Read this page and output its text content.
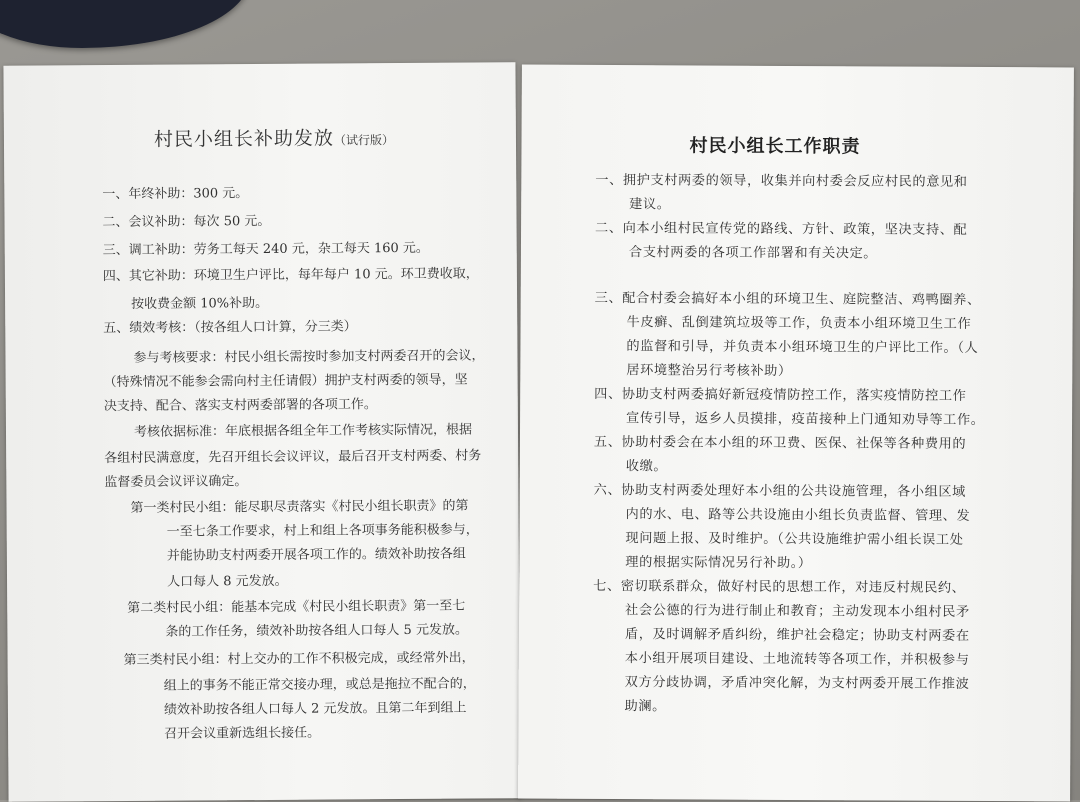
村民小组长补助发放（试行版）
一、年终补助：300 元。
二、会议补助：每次 50 元。
三、调工补助：劳务工每天 240 元，杂工每天 160 元。
四、其它补助：环境卫生户评比，每年每户 10 元。环卫费收取，
按收费金额 10%补助。
五、绩效考核：（按各组人口计算，分三类）
参与考核要求：村民小组长需按时参加支村两委召开的会议，
（特殊情况不能参会需向村主任请假）拥护支村两委的领导，坚
决支持、配合、落实支村两委部署的各项工作。
考核依据标准：年底根据各组全年工作考核实际情况，根据
各组村民满意度，先召开组长会议评议，最后召开支村两委、村务
监督委员会议评议确定。
第一类村民小组：能尽职尽责落实《村民小组长职责》的第
一至七条工作要求，村上和组上各项事务能积极参与，
并能协助支村两委开展各项工作的。绩效补助按各组
人口每人 8 元发放。
第二类村民小组：能基本完成《村民小组长职责》第一至七
条的工作任务，绩效补助按各组人口每人 5 元发放。
第三类村民小组：村上交办的工作不积极完成，或经常外出，
组上的事务不能正常交接办理，或总是拖拉不配合的，
绩效补助按各组人口每人 2 元发放。且第二年到组上
召开会议重新选组长接任。
村民小组长工作职责
一、拥护支村两委的领导，收集并向村委会反应村民的意见和
建议。
二、向本小组村民宣传党的路线、方针、政策，坚决支持、配
合支村两委的各项工作部署和有关决定。
三、配合村委会搞好本小组的环境卫生、庭院整洁、鸡鸭圈养、
牛皮癣、乱倒建筑垃圾等工作，负责本小组环境卫生工作
的监督和引导，并负责本小组环境卫生的户评比工作。（人
居环境整治另行考核补助）
四、协助支村两委搞好新冠疫情防控工作，落实疫情防控工作
宣传引导，返乡人员摸排，疫苗接种上门通知劝导等工作。
五、协助村委会在本小组的环卫费、医保、社保等各种费用的
收缴。
六、协助支村两委处理好本小组的公共设施管理，各小组区域
内的水、电、路等公共设施由小组长负责监督、管理、发
现问题上报、及时维护。（公共设施维护需小组长误工处
理的根据实际情况另行补助。）
七、密切联系群众，做好村民的思想工作，对违反村规民约、
社会公德的行为进行制止和教育；主动发现本小组村民矛
盾，及时调解矛盾纠纷，维护社会稳定；协助支村两委在
本小组开展项目建设、土地流转等各项工作，并积极参与
双方分歧协调，矛盾冲突化解，为支村两委开展工作推波
助澜。
